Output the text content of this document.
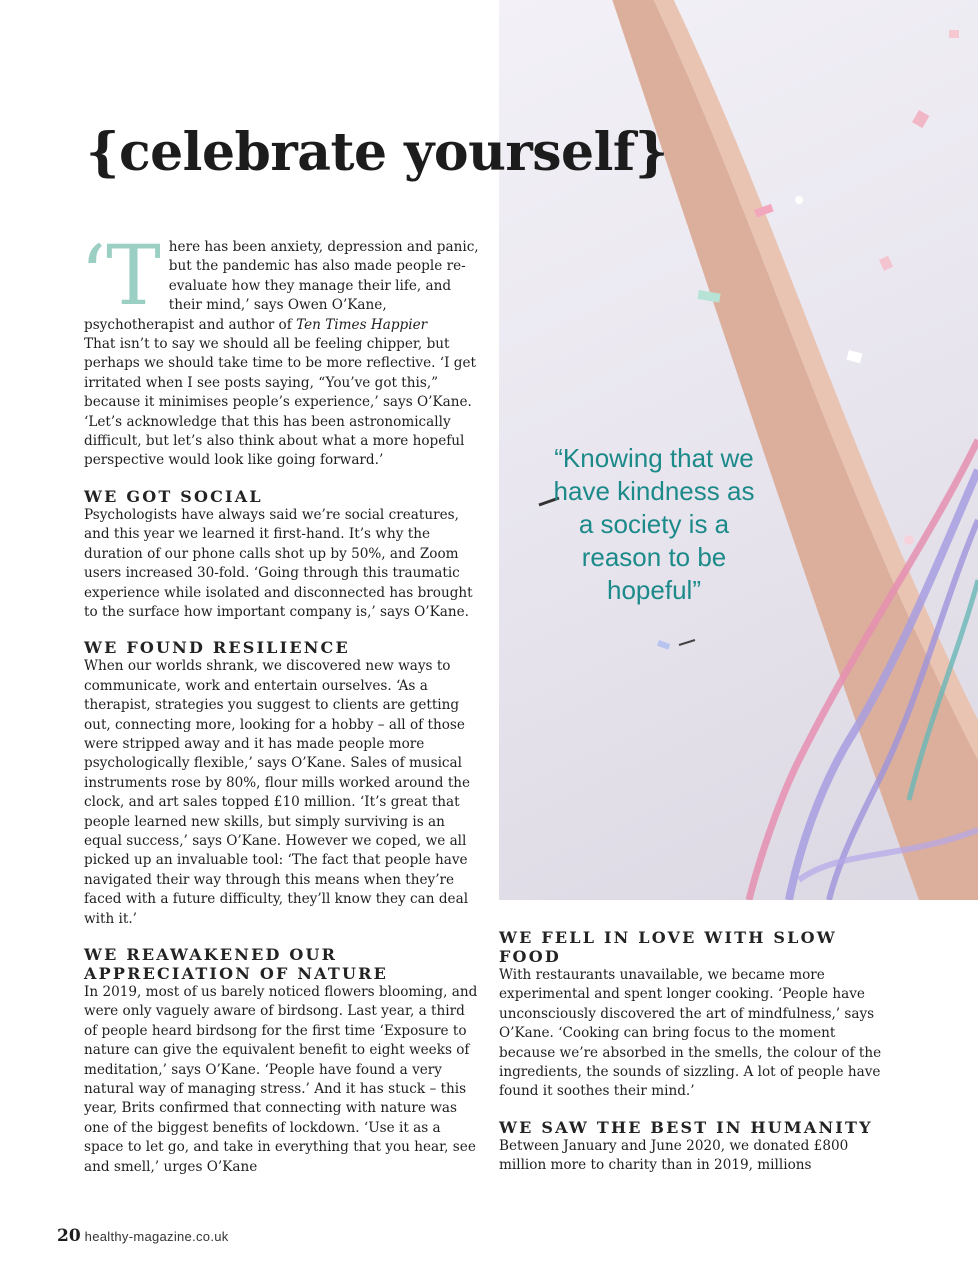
{celebrate yourself}

“Knowing that we have kindness as a society is a reason to be hopeful”

‘There has been anxiety, depression and panic, but the pandemic has also made people re-evaluate how they manage their life, and their mind,’ says Owen O’Kane, psychotherapist and author of Ten Times Happier
That isn’t to say we should all be feeling chipper, but perhaps we should take time to be more reflective. ‘I get irritated when I see posts saying, “You’ve got this,” because it minimises people’s experience,’ says O’Kane. ‘Let’s acknowledge that this has been astronomically difficult, but let’s also think about what a more hopeful perspective would look like going forward.’

WE GOT SOCIAL

Psychologists have always said we’re social creatures, and this year we learned it first-hand. It’s why the duration of our phone calls shot up by 50%, and Zoom users increased 30-fold. ‘Going through this traumatic experience while isolated and disconnected has brought to the surface how important company is,’ says O’Kane.

WE FOUND RESILIENCE

When our worlds shrank, we discovered new ways to communicate, work and entertain ourselves. ‘As a therapist, strategies you suggest to clients are getting out, connecting more, looking for a hobby – all of those were stripped away and it has made people more psychologically flexible,’ says O’Kane. Sales of musical instruments rose by 80%, flour mills worked around the clock, and art sales topped £10 million. ‘It’s great that people learned new skills, but simply surviving is an equal success,’ says O’Kane. However we coped, we all picked up an invaluable tool: ‘The fact that people have navigated their way through this means when they’re faced with a future difficulty, they’ll know they can deal with it.’

WE REAWAKENED OUR APPRECIATION OF NATURE

In 2019, most of us barely noticed flowers blooming, and were only vaguely aware of birdsong. Last year, a third of people heard birdsong for the first time ‘Exposure to nature can give the equivalent benefit to eight weeks of meditation,’ says O’Kane. ‘People have found a very natural way of managing stress.’ And it has stuck – this year, Brits confirmed that connecting with nature was one of the biggest benefits of lockdown. ‘Use it as a space to let go, and take in everything that you hear, see and smell,’ urges O’Kane

WE FELL IN LOVE WITH SLOW FOOD

With restaurants unavailable, we became more experimental and spent longer cooking. ‘People have unconsciously discovered the art of mindfulness,’ says O’Kane. ‘Cooking can bring focus to the moment because we’re absorbed in the smells, the colour of the ingredients, the sounds of sizzling. A lot of people have found it soothes their mind.’

WE SAW THE BEST IN HUMANITY

Between January and June 2020, we donated £800 million more to charity than in 2019, millions

20 healthy-magazine.co.uk
